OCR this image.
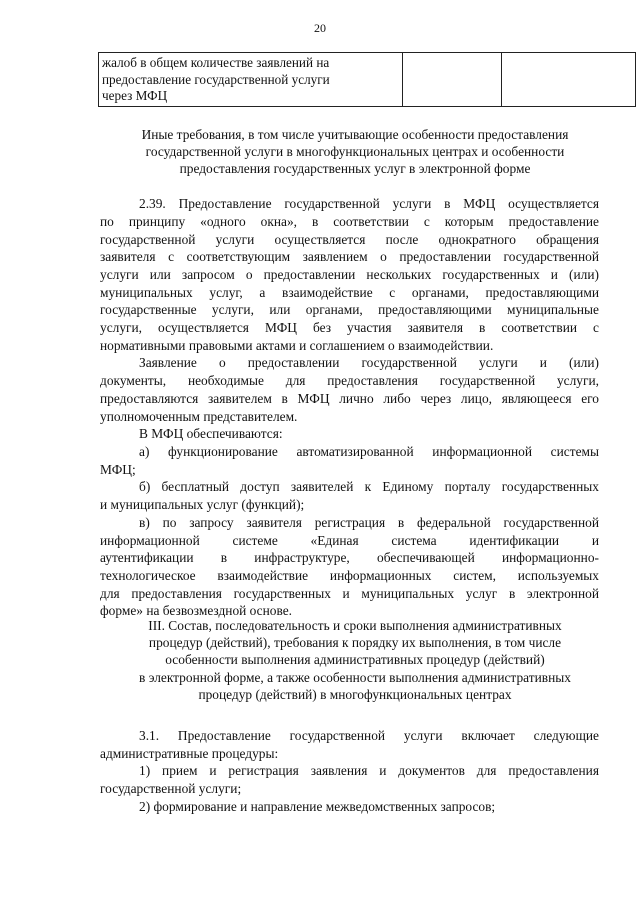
20
жалоб в общем количестве заявлений на
предоставление государственной услуги
через МФЦ

Иные требования, в том числе учитывающие особенности предоставления
государственной услуги в многофункциональных центрах и особенности
предоставления государственных услуг в электронной форме
2.39. Предоставление государственной услуги в МФЦ осуществляется
по принципу «одного окна», в соответствии с которым предоставление
государственной услуги осуществляется после однократного обращения
заявителя с соответствующим заявлением о предоставлении государственной
услуги или запросом о предоставлении нескольких государственных и (или)
муниципальных услуг, а взаимодействие с органами, предоставляющими
государственные услуги, или органами, предоставляющими муниципальные
услуги, осуществляется МФЦ без участия заявителя в соответствии с
нормативными правовыми актами и соглашением о взаимодействии.
Заявление о предоставлении государственной услуги и (или)
документы, необходимые для предоставления государственной услуги,
предоставляются заявителем в МФЦ лично либо через лицо, являющееся его
уполномоченным представителем.
В МФЦ обеспечиваются:
а) функционирование автоматизированной информационной системы
МФЦ;
б) бесплатный доступ заявителей к Единому порталу государственных
и муниципальных услуг (функций);
в) по запросу заявителя регистрация в федеральной государственной
информационной системе «Единая система идентификации и
аутентификации в инфраструктуре, обеспечивающей информационно-
технологическое взаимодействие информационных систем, используемых
для предоставления государственных и муниципальных услуг в электронной
форме» на безвозмездной основе.
III. Состав, последовательность и сроки выполнения административных
процедур (действий), требования к порядку их выполнения, в том числе
особенности выполнения административных процедур (действий)
в электронной форме, а также особенности выполнения административных
процедур (действий) в многофункциональных центрах
3.1. Предоставление государственной услуги включает следующие
административные процедуры:
1) прием и регистрация заявления и документов для предоставления
государственной услуги;
2) формирование и направление межведомственных запросов;
